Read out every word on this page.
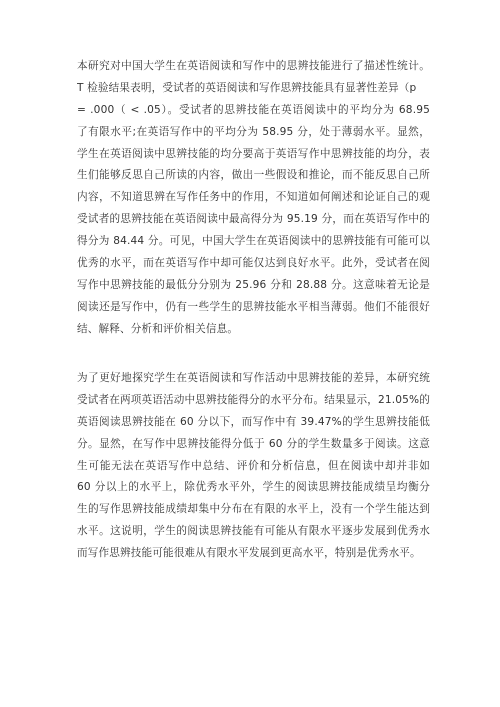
本研究对中国大学生在英语阅读和写作中的思辨技能进行了描述性统计。
T 检验结果表明，受试者的英语阅读和写作思辨技能具有显著性差异（p
= .000（ < .05）。受试者的思辨技能在英语阅读中的平均分为 68.95
了有限水平;在英语写作中的平均分为 58.95 分，处于薄弱水平。显然，
学生在英语阅读中思辨技能的均分要高于英语写作中思辨技能的均分，表
生们能够反思自己所读的内容，做出一些假设和推论，而不能反思自己所
内容，不知道思辨在写作任务中的作用，不知道如何阐述和论证自己的观
受试者的思辨技能在英语阅读中最高得分为 95.19 分，而在英语写作中的
得分为 84.44 分。可见，中国大学生在英语阅读中的思辨技能有可能可以
优秀的水平，而在英语写作中却可能仅达到良好水平。此外，受试者在阅
写作中思辨技能的最低分分别为 25.96 分和 28.88 分。这意味着无论是
阅读还是写作中，仍有一些学生的思辨技能水平相当薄弱。他们不能很好
结、解释、分析和评价相关信息。
为了更好地探究学生在英语阅读和写作活动中思辨技能的差异，本研究统
受试者在两项英语活动中思辨技能得分的水平分布。结果显示，21.05%的
英语阅读思辨技能在 60 分以下，而写作中有 39.47%的学生思辨技能低
分。显然，在写作中思辨技能得分低于 60 分的学生数量多于阅读。这意
生可能无法在英语写作中总结、评价和分析信息，但在阅读中却并非如
60 分以上的水平上，除优秀水平外，学生的阅读思辨技能成绩呈均衡分
生的写作思辨技能成绩却集中分布在有限的水平上，没有一个学生能达到
水平。这说明，学生的阅读思辨技能有可能从有限水平逐步发展到优秀水
而写作思辨技能可能很难从有限水平发展到更高水平，特别是优秀水平。
